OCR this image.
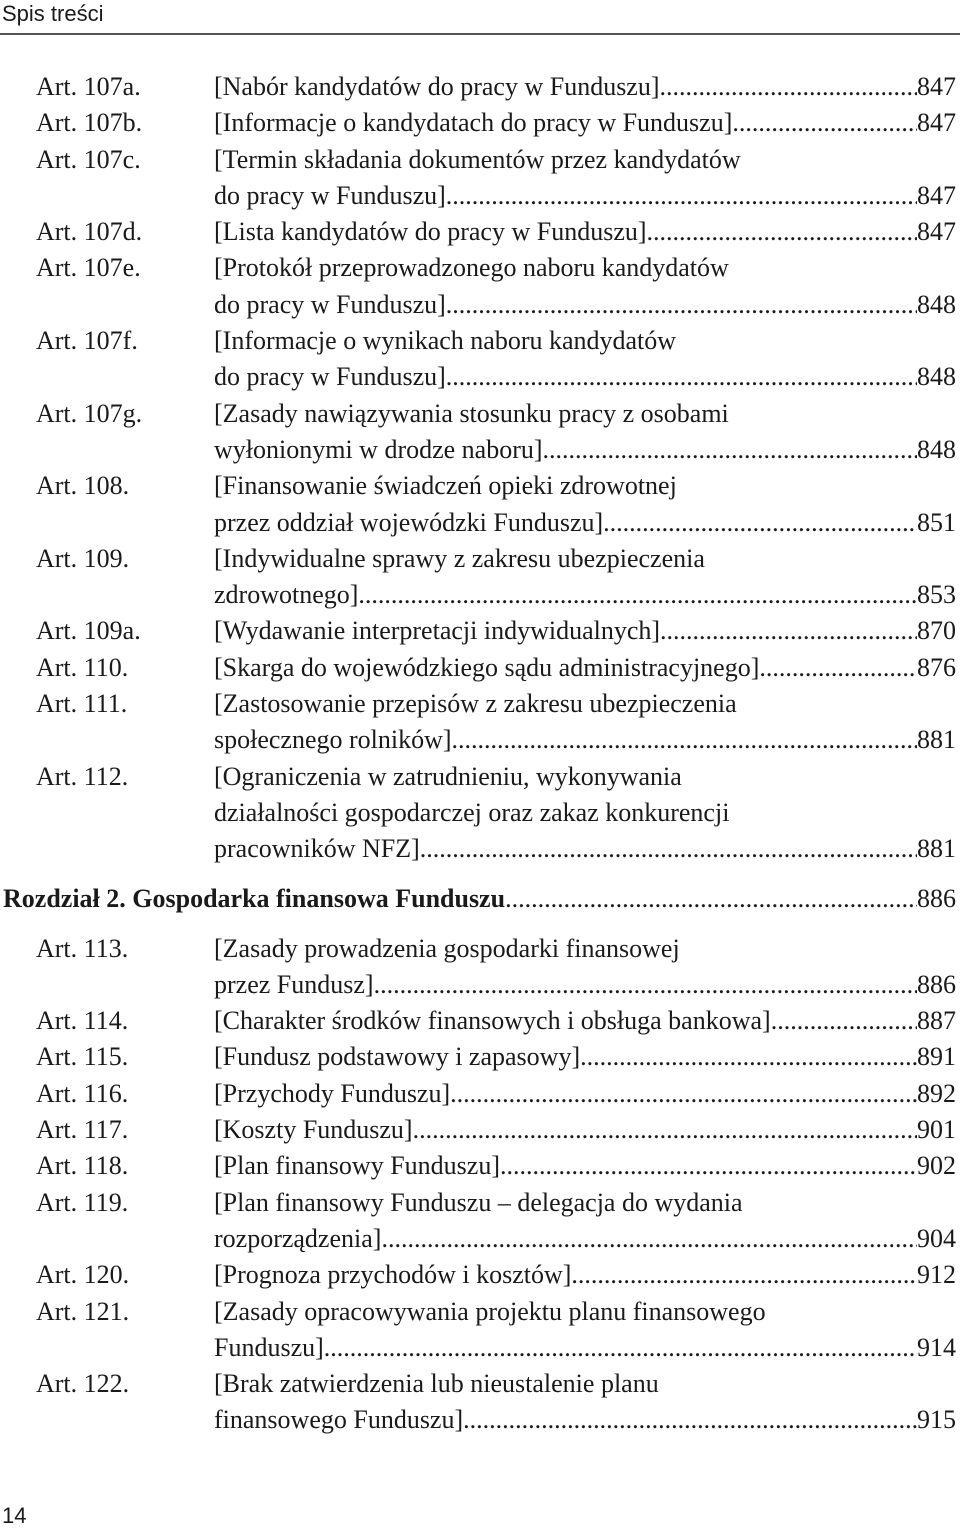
Spis treści
Art. 107a.	[Nabór kandydatów do pracy w Funduszu] .....	847
Art. 107b.	[Informacje o kandydatach do pracy w Funduszu] .....	847
Art. 107c.	[Termin składania dokumentów przez kandydatów
do pracy w Funduszu] .....	847
Art. 107d.	[Lista kandydatów do pracy w Funduszu] .....	847
Art. 107e.	[Protokół przeprowadzonego naboru kandydatów
do pracy w Funduszu] .....	848
Art. 107f.	[Informacje o wynikach naboru kandydatów
do pracy w Funduszu] .....	848
Art. 107g.	[Zasady nawiązywania stosunku pracy z osobami
wyłonionymi w drodze naboru] .....	848
Art. 108.	[Finansowanie świadczeń opieki zdrowotnej
przez oddział wojewódzki Funduszu] .....	851
Art. 109.	[Indywidualne sprawy z zakresu ubezpieczenia
zdrowotnego] .....	853
Art. 109a.	[Wydawanie interpretacji indywidualnych] .....	870
Art. 110.	[Skarga do wojewódzkiego sądu administracyjnego] .....	876
Art. 111.	[Zastosowanie przepisów z zakresu ubezpieczenia
społecznego rolników] .....	881
Art. 112.	[Ograniczenia w zatrudnieniu, wykonywania
działalności gospodarczej oraz zakaz konkurencji
pracowników NFZ] .....	881
Rozdział 2. Gospodarka finansowa Funduszu .....	886
Art. 113.	[Zasady prowadzenia gospodarki finansowej
przez Fundusz] .....	886
Art. 114.	[Charakter środków finansowych i obsługa bankowa] .....	887
Art. 115.	[Fundusz podstawowy i zapasowy] .....	891
Art. 116.	[Przychody Funduszu] .....	892
Art. 117.	[Koszty Funduszu] .....	901
Art. 118.	[Plan finansowy Funduszu] .....	902
Art. 119.	[Plan finansowy Funduszu – delegacja do wydania
rozporządzenia] .....	904
Art. 120.	[Prognoza przychodów i kosztów] .....	912
Art. 121.	[Zasady opracowywania projektu planu finansowego
Funduszu] .....	914
Art. 122.	[Brak zatwierdzenia lub nieustalenie planu
finansowego Funduszu] .....	915
14
